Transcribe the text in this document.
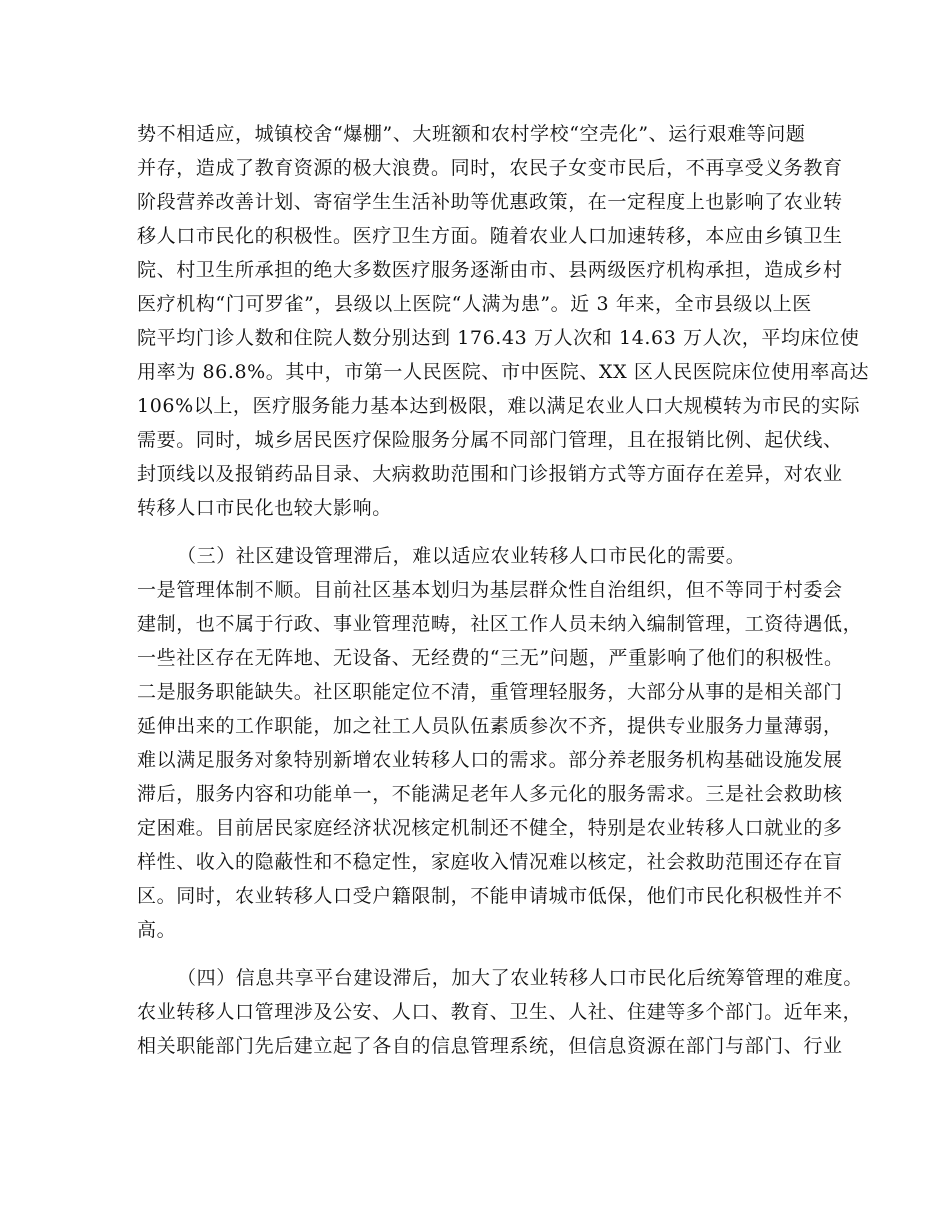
势不相适应，城镇校舍“爆棚”、大班额和农村学校“空壳化”、运行艰难等问题
并存，造成了教育资源的极大浪费。同时，农民子女变市民后，不再享受义务教育
阶段营养改善计划、寄宿学生生活补助等优惠政策，在一定程度上也影响了农业转
移人口市民化的积极性。医疗卫生方面。随着农业人口加速转移，本应由乡镇卫生
院、村卫生所承担的绝大多数医疗服务逐渐由市、县两级医疗机构承担，造成乡村
医疗机构“门可罗雀”，县级以上医院“人满为患”。近 3 年来，全市县级以上医
院平均门诊人数和住院人数分别达到 176.43 万人次和 14.63 万人次，平均床位使
用率为 86.8%。其中，市第一人民医院、市中医院、XX 区人民医院床位使用率高达
106%以上，医疗服务能力基本达到极限，难以满足农业人口大规模转为市民的实际
需要。同时，城乡居民医疗保险服务分属不同部门管理，且在报销比例、起伏线、
封顶线以及报销药品目录、大病救助范围和门诊报销方式等方面存在差异，对农业
转移人口市民化也较大影响。
（三）社区建设管理滞后，难以适应农业转移人口市民化的需要。
一是管理体制不顺。目前社区基本划归为基层群众性自治组织，但不等同于村委会
建制，也不属于行政、事业管理范畴，社区工作人员未纳入编制管理，工资待遇低，
一些社区存在无阵地、无设备、无经费的“三无”问题，严重影响了他们的积极性。
二是服务职能缺失。社区职能定位不清，重管理轻服务，大部分从事的是相关部门
延伸出来的工作职能，加之社工人员队伍素质参次不齐，提供专业服务力量薄弱，
难以满足服务对象特别新增农业转移人口的需求。部分养老服务机构基础设施发展
滞后，服务内容和功能单一，不能满足老年人多元化的服务需求。三是社会救助核
定困难。目前居民家庭经济状况核定机制还不健全，特别是农业转移人口就业的多
样性、收入的隐蔽性和不稳定性，家庭收入情况难以核定，社会救助范围还存在盲
区。同时，农业转移人口受户籍限制，不能申请城市低保，他们市民化积极性并不
高。
（四）信息共享平台建设滞后，加大了农业转移人口市民化后统筹管理的难度。
农业转移人口管理涉及公安、人口、教育、卫生、人社、住建等多个部门。近年来，
相关职能部门先后建立起了各自的信息管理系统，但信息资源在部门与部门、行业
